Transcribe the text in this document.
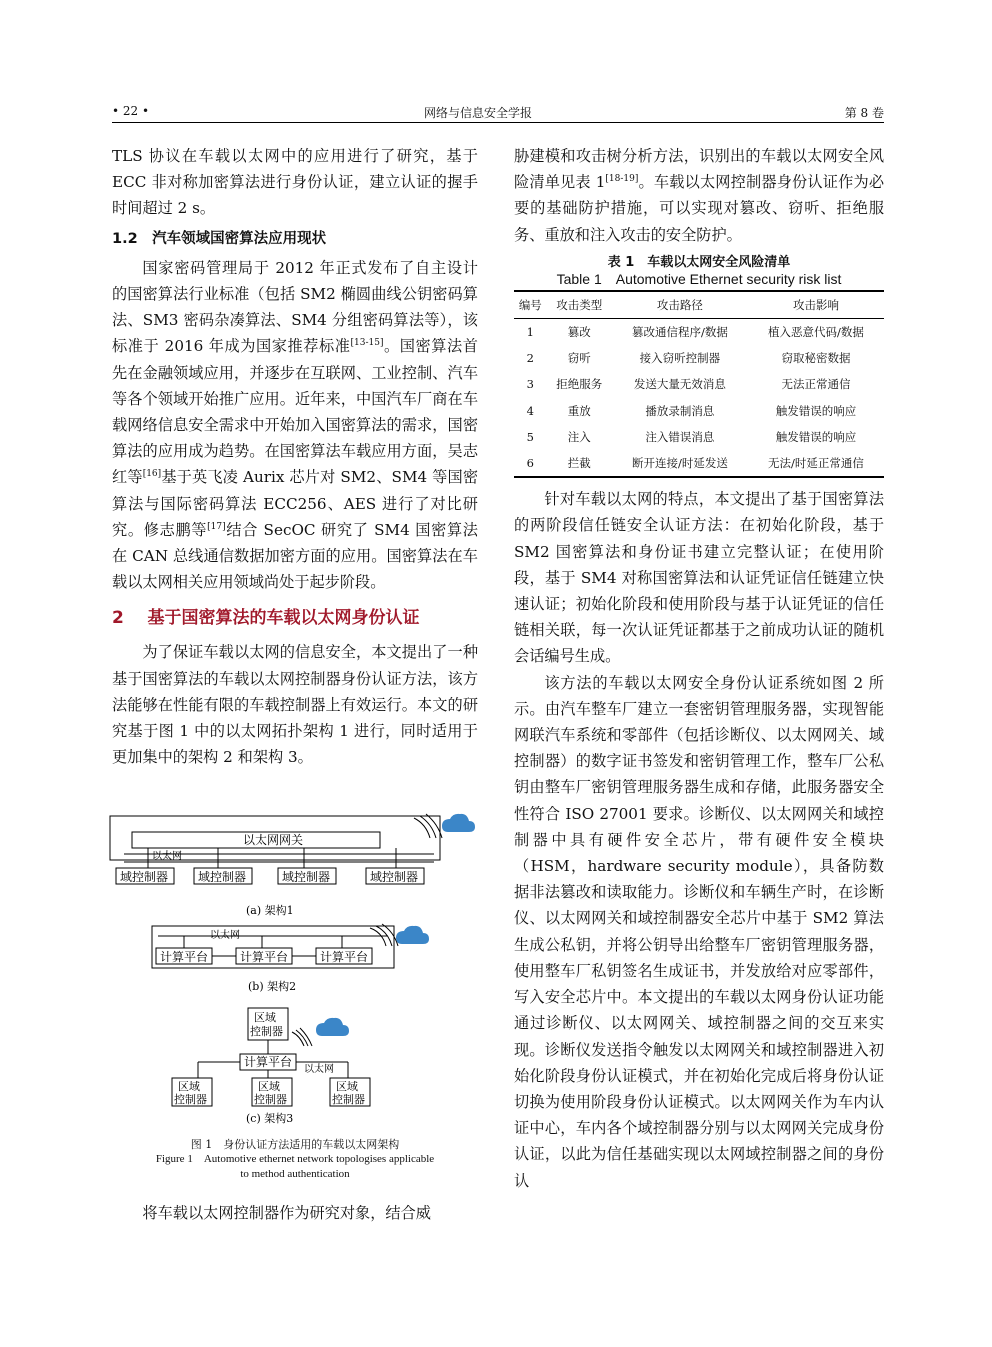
• 22 •	网络与信息安全学报	第 8 卷

TLS 协议在车载以太网中的应用进行了研究，基于 ECC 非对称加密算法进行身份认证，建立认证的握手时间超过 2 s。

1.2 汽车领域国密算法应用现状

国家密码管理局于 2012 年正式发布了自主设计的国密算法行业标准（包括 SM2 椭圆曲线公钥密码算法、SM3 密码杂凑算法、SM4 分组密码算法等），该标准于 2016 年成为国家推荐标准[13-15]。国密算法首先在金融领域应用，并逐步在互联网、工业控制、汽车等各个领域开始推广应用。近年来，中国汽车厂商在车载网络信息安全需求中开始加入国密算法的需求，国密算法的应用成为趋势。在国密算法车载应用方面，吴志红等[16]基于英飞凌 Aurix 芯片对 SM2、SM4 等国密算法与国际密码算法 ECC256、AES 进行了对比研究。修志鹏等[17]结合 SecOC 研究了 SM4 国密算法在 CAN 总线通信数据加密方面的应用。国密算法在车载以太网相关应用领域尚处于起步阶段。

2 基于国密算法的车载以太网身份认证

为了保证车载以太网的信息安全，本文提出了一种基于国密算法的车载以太网控制器身份认证方法，该方法能够在性能有限的车载控制器上有效运行。本文的研究基于图 1 中的以太网拓扑架构 1 进行，同时适用于更加集中的架构 2 和架构 3。

以太网网关
以太网
域控制器 域控制器	域控制器	域控制器
(a) 架构1
以太网
计算平台	计算平台	计算平台
(b) 架构2
区域
控制器
计算平台
以太网
区域
控制器
区域
控制器
区域
控制器
(c) 架构3
图 1　身份认证方法适用的车载以太网架构
Figure 1　Automotive ethernet network topologises applicable
to method authentication
将车载以太网控制器作为研究对象，结合威

胁建模和攻击树分析方法，识别出的车载以太网安全风险清单见表 1[18-19]。车载以太网控制器身份认证作为必要的基础防护措施，可以实现对篡改、窃听、拒绝服务、重放和注入攻击的安全防护。

表 1　车载以太网安全风险清单
Table 1　Automotive Ethernet security risk list
编号	攻击类型	攻击路径	攻击影响
1	篡改	篡改通信程序/数据	植入恶意代码/数据
2	窃听	接入窃听控制器	窃取秘密数据
3	拒绝服务	发送大量无效消息	无法正常通信
4	重放	播放录制消息	触发错误的响应
5	注入	注入错误消息	触发错误的响应
6	拦截	断开连接/时延发送	无法/时延正常通信

针对车载以太网的特点，本文提出了基于国密算法的两阶段信任链安全认证方法：在初始化阶段，基于 SM2 国密算法和身份证书建立完整认证；在使用阶段，基于 SM4 对称国密算法和认证凭证信任链建立快速认证；初始化阶段和使用阶段与基于认证凭证的信任链相关联，每一次认证凭证都基于之前成功认证的随机会话编号生成。

该方法的车载以太网安全身份认证系统如图 2 所示。由汽车整车厂建立一套密钥管理服务器，实现智能网联汽车系统和零部件（包括诊断仪、以太网网关、域控制器）的数字证书签发和密钥管理工作，整车厂公私钥由整车厂密钥管理服务器生成和存储，此服务器安全性符合 ISO 27001 要求。诊断仪、以太网网关和域控制器中具有硬件安全芯片，带有硬件安全模块（HSM，hardware security module），具备防数据非法篡改和读取能力。诊断仪和车辆生产时，在诊断仪、以太网网关和域控制器安全芯片中基于 SM2 算法生成公私钥，并将公钥导出给整车厂密钥管理服务器，使用整车厂私钥签名生成证书，并发放给对应零部件，写入安全芯片中。本文提出的车载以太网身份认证功能通过诊断仪、以太网网关、域控制器之间的交互来实现。诊断仪发送指令触发以太网网关和域控制器进入初始化阶段身份认证模式，并在初始化完成后将身份认证切换为使用阶段身份认证模式。以太网网关作为车内认证中心，车内各个域控制器分别与以太网网关完成身份认证，以此为信任基础实现以太网域控制器之间的身份认
